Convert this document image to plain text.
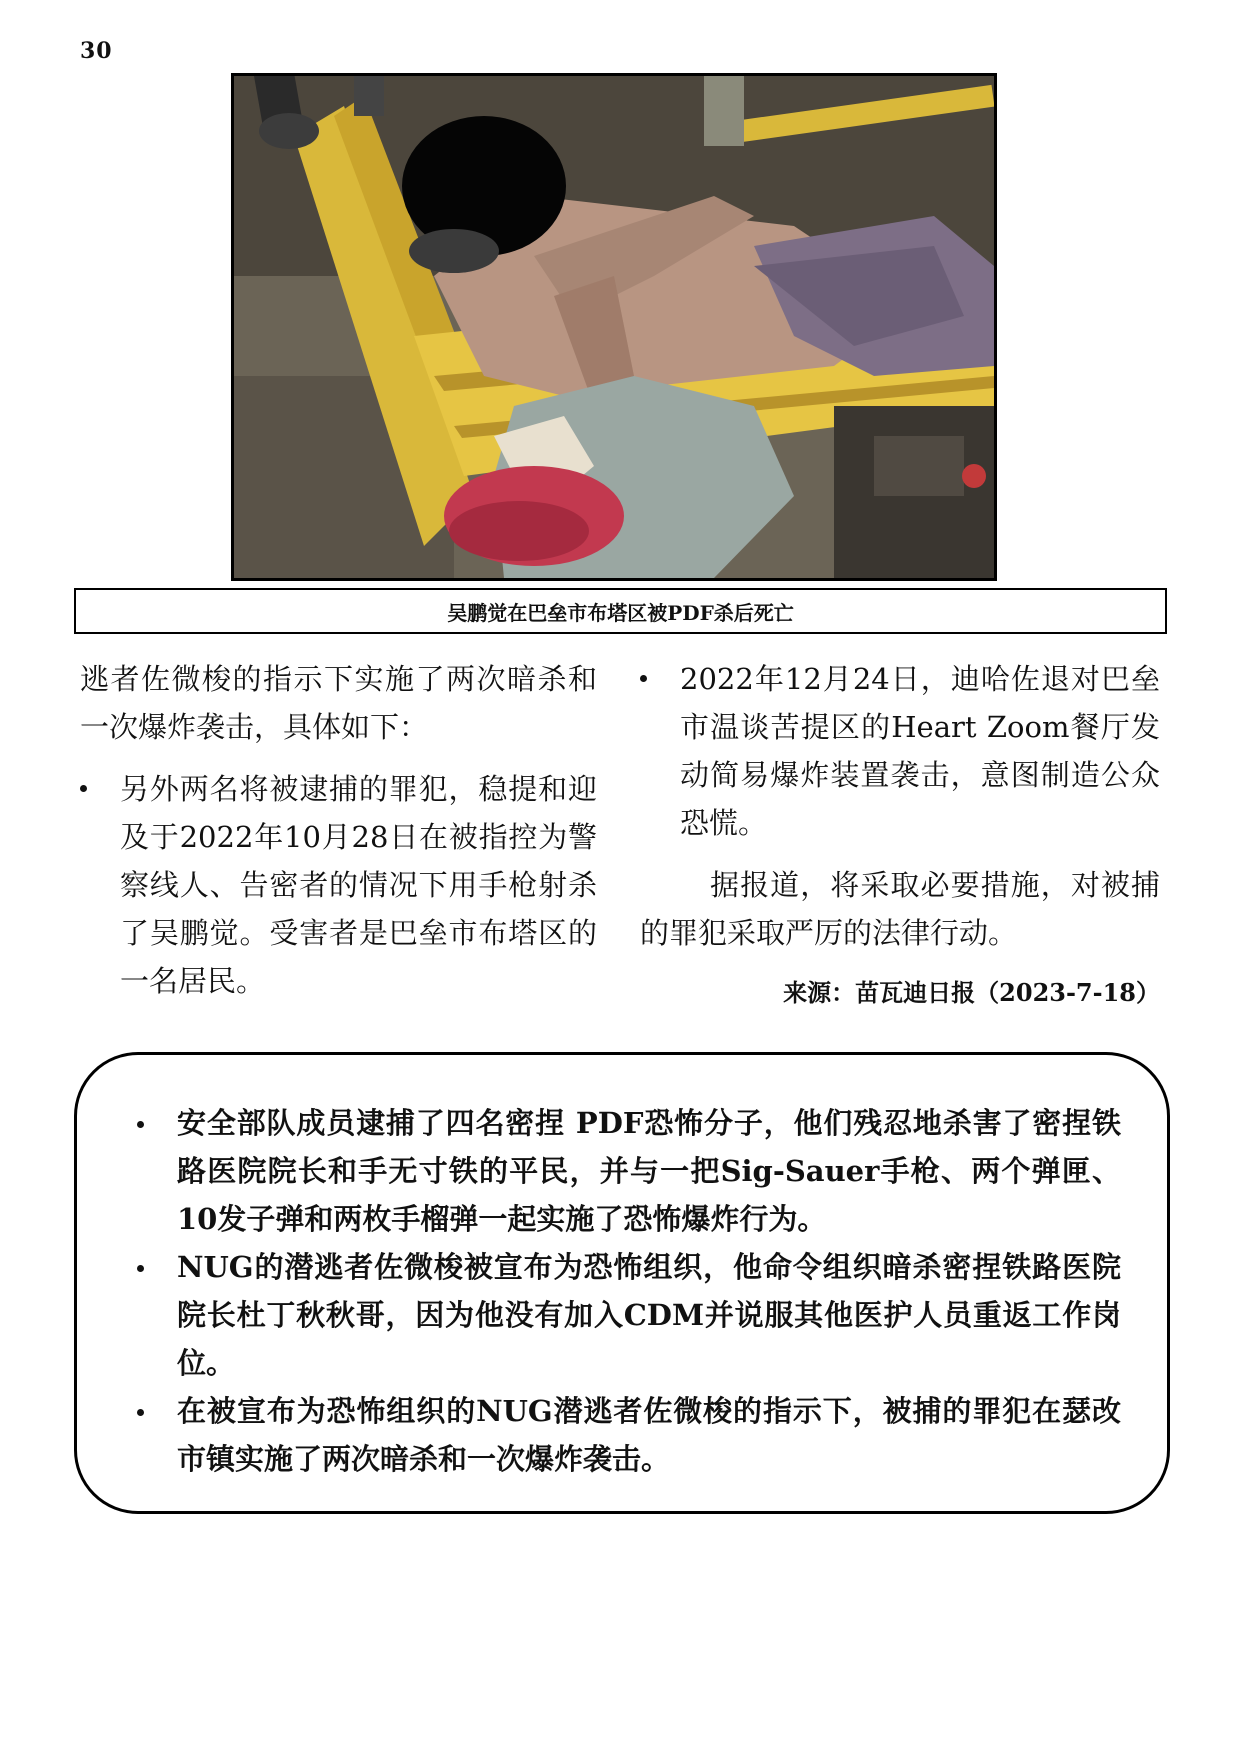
30
吴鹏觉在巴垒市布塔区被PDF杀后死亡

逃者佐微梭的指示下实施了两次暗杀和一次爆炸袭击，具体如下：

另外两名将被逮捕的罪犯，稳提和迎及于2022年10月28日在被指控为警察线人、告密者的情况下用手枪射杀了吴鹏觉。受害者是巴垒市布塔区的一名居民。
2022年12月24日，迪哈佐退对巴垒市温谈苦提区的Heart Zoom餐厅发动简易爆炸装置袭击，意图制造公众恐慌。

据报道，将采取必要措施，对被捕的罪犯采取严厉的法律行动。

来源：苗瓦迪日报（2023-7-18）
安全部队成员逮捕了四名密捏 PDF恐怖分子，他们残忍地杀害了密捏铁路医院院长和手无寸铁的平民，并与一把Sig-Sauer手枪、两个弹匣、10发子弹和两枚手榴弹一起实施了恐怖爆炸行为。
NUG的潜逃者佐微梭被宣布为恐怖组织，他命令组织暗杀密捏铁路医院院长杜丁秋秋哥，因为他没有加入CDM并说服其他医护人员重返工作岗位。
在被宣布为恐怖组织的NUG潜逃者佐微梭的指示下，被捕的罪犯在瑟改市镇实施了两次暗杀和一次爆炸袭击。
